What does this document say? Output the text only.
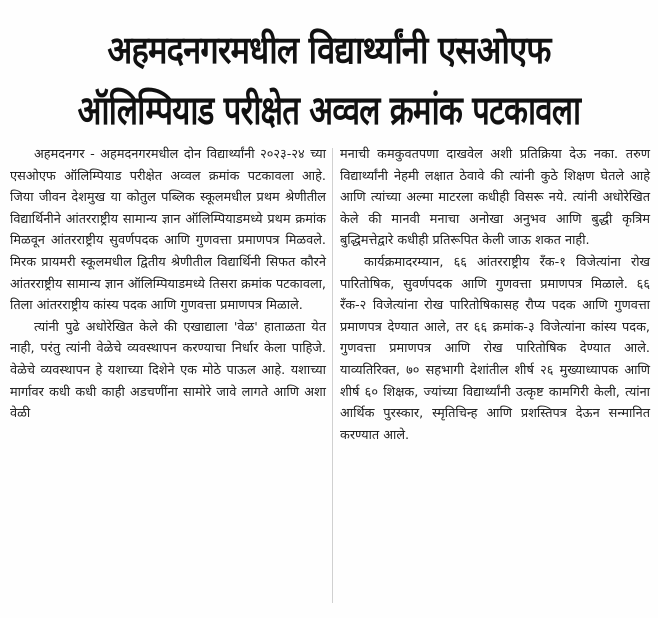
अहमदनगरमधील विद्यार्थ्यांनी एसओएफ
ऑलिम्पियाड परीक्षेत अव्वल क्रमांक पटकावला

अहमदनगर - अहमदनगरमधील दोन विद्यार्थ्यांनी २०२३-२४ च्या एसओएफ ऑलिम्पियाड परीक्षेत अव्वल क्रमांक पटकावला आहे. जिया जीवन देशमुख या कोतुल पब्लिक स्कूलमधील प्रथम श्रेणीतील विद्यार्थिनीने आंतरराष्ट्रीय सामान्य ज्ञान ऑलिम्पियाडमध्ये प्रथम क्रमांक मिळवून आंतरराष्ट्रीय सुवर्णपदक आणि गुणवत्ता प्रमाणपत्र मिळवले. मिरक प्रायमरी स्कूलमधील द्वितीय श्रेणीतील विद्यार्थिनी सिफत कौरने आंतरराष्ट्रीय सामान्य ज्ञान ऑलिम्पियाडमध्ये तिसरा क्रमांक पटकावला, तिला आंतरराष्ट्रीय कांस्य पदक आणि गुणवत्ता प्रमाणपत्र मिळाले.

त्यांनी पुढे अधोरेखित केले की एखाद्याला 'वेळ' हाताळता येत नाही, परंतु त्यांनी वेळेचे व्यवस्थापन करण्याचा निर्धार केला पाहिजे. वेळेचे व्यवस्थापन हे यशाच्या दिशेने एक मोठे पाऊल आहे. यशाच्या मार्गावर कधी कधी काही अडचणींना सामोरे जावे लागते आणि अशा वेळी

मनाची कमकुवतपणा दाखवेल अशी प्रतिक्रिया देऊ नका. तरुण विद्यार्थ्यांनी नेहमी लक्षात ठेवावे की त्यांनी कुठे शिक्षण घेतले आहे आणि त्यांच्या अल्मा माटरला कधीही विसरू नये. त्यांनी अधोरेखित केले की मानवी मनाचा अनोखा अनुभव आणि बुद्धी कृत्रिम बुद्धिमत्तेद्वारे कधीही प्रतिरूपित केली जाऊ शकत नाही.

कार्यक्रमादरम्यान, ६६ आंतरराष्ट्रीय रँक-१ विजेत्यांना रोख पारितोषिक, सुवर्णपदक आणि गुणवत्ता प्रमाणपत्र मिळाले. ६६ रँक-२ विजेत्यांना रोख पारितोषिकासह रौप्य पदक आणि गुणवत्ता प्रमाणपत्र देण्यात आले, तर ६६ क्रमांक-३ विजेत्यांना कांस्य पदक, गुणवत्ता प्रमाणपत्र आणि रोख पारितोषिक देण्यात आले. याव्यतिरिक्त, ७० सहभागी देशांतील शीर्ष २६ मुख्याध्यापक आणि शीर्ष ६० शिक्षक, ज्यांच्या विद्यार्थ्यांनी उत्कृष्ट कामगिरी केली, त्यांना आर्थिक पुरस्कार, स्मृतिचिन्ह आणि प्रशस्तिपत्र देऊन सन्मानित करण्यात आले.
